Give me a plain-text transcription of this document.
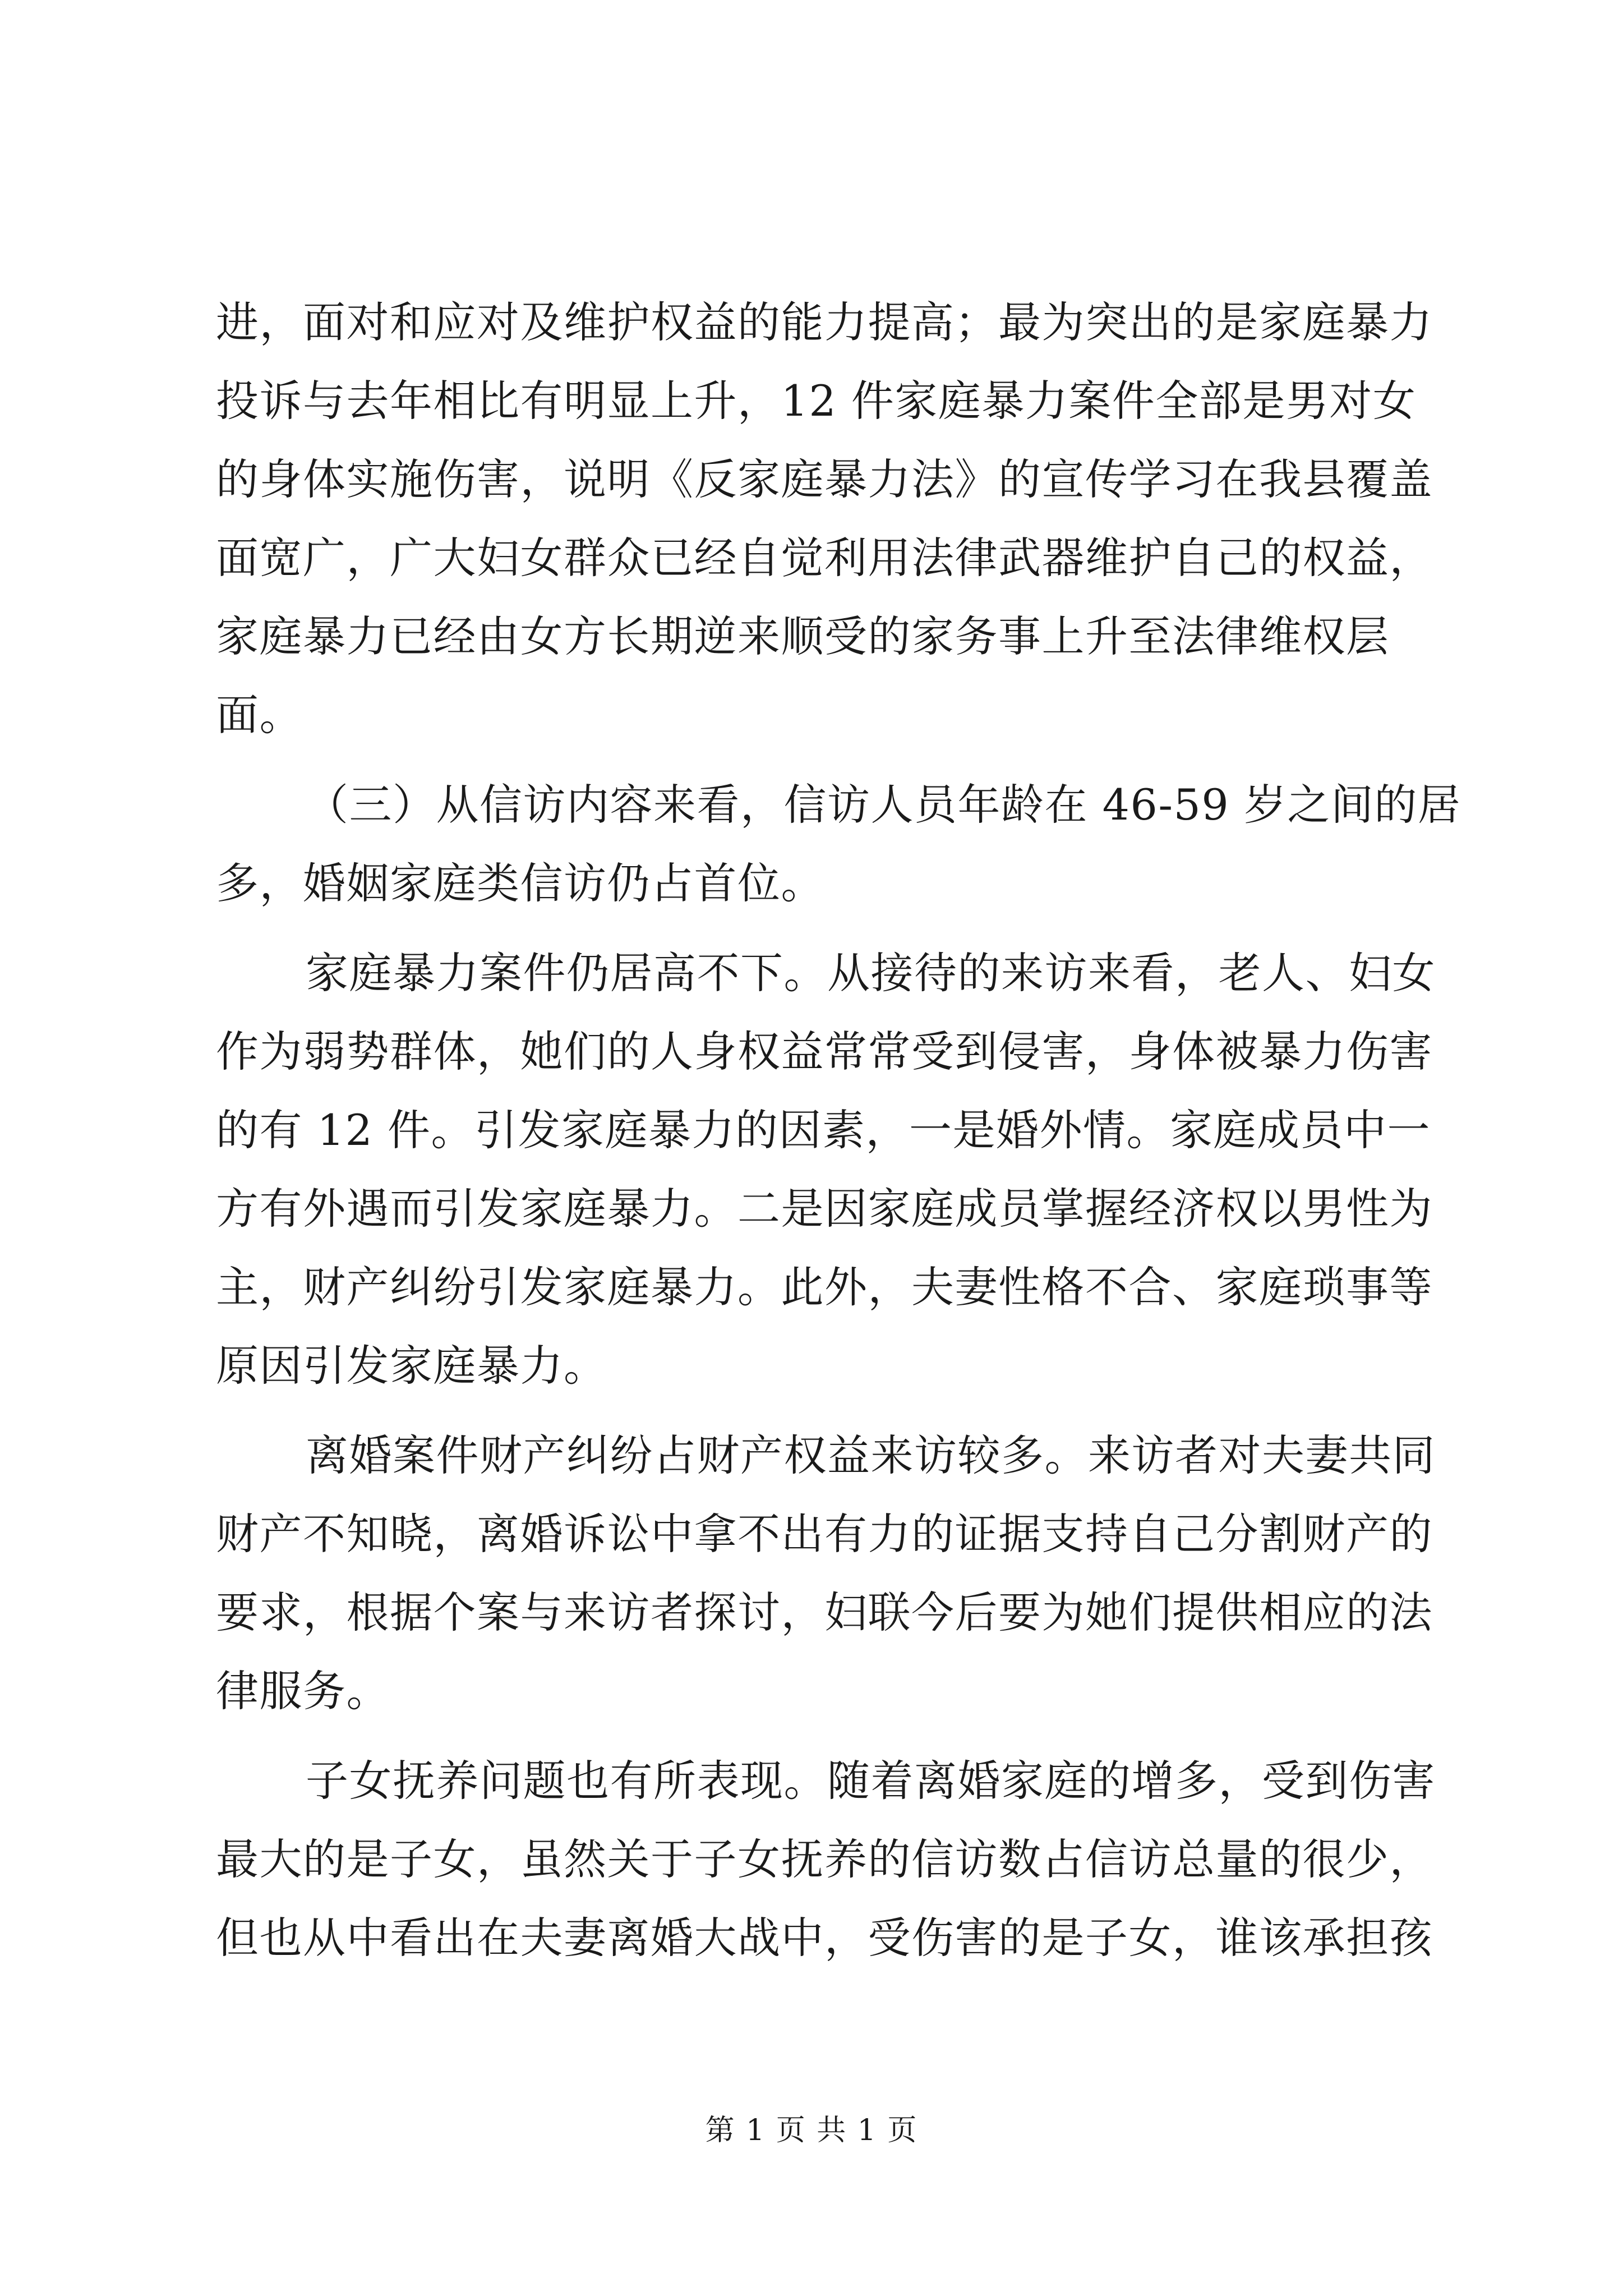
进，面对和应对及维护权益的能力提高；最为突出的是家庭暴力
投诉与去年相比有明显上升，12 件家庭暴力案件全部是男对女
的身体实施伤害，说明《反家庭暴力法》的宣传学习在我县覆盖
面宽广，广大妇女群众已经自觉利用法律武器维护自己的权益，
家庭暴力已经由女方长期逆来顺受的家务事上升至法律维权层
面。
（三）从信访内容来看，信访人员年龄在 46-59 岁之间的居
多，婚姻家庭类信访仍占首位。
家庭暴力案件仍居高不下。从接待的来访来看，老人、妇女
作为弱势群体，她们的人身权益常常受到侵害，身体被暴力伤害
的有 12 件。引发家庭暴力的因素，一是婚外情。家庭成员中一
方有外遇而引发家庭暴力。二是因家庭成员掌握经济权以男性为
主，财产纠纷引发家庭暴力。此外，夫妻性格不合、家庭琐事等
原因引发家庭暴力。
离婚案件财产纠纷占财产权益来访较多。来访者对夫妻共同
财产不知晓，离婚诉讼中拿不出有力的证据支持自己分割财产的
要求，根据个案与来访者探讨，妇联今后要为她们提供相应的法
律服务。
子女抚养问题也有所表现。随着离婚家庭的增多，受到伤害
最大的是子女，虽然关于子女抚养的信访数占信访总量的很少，
但也从中看出在夫妻离婚大战中，受伤害的是子女，谁该承担孩
第 1 页 共 1 页
